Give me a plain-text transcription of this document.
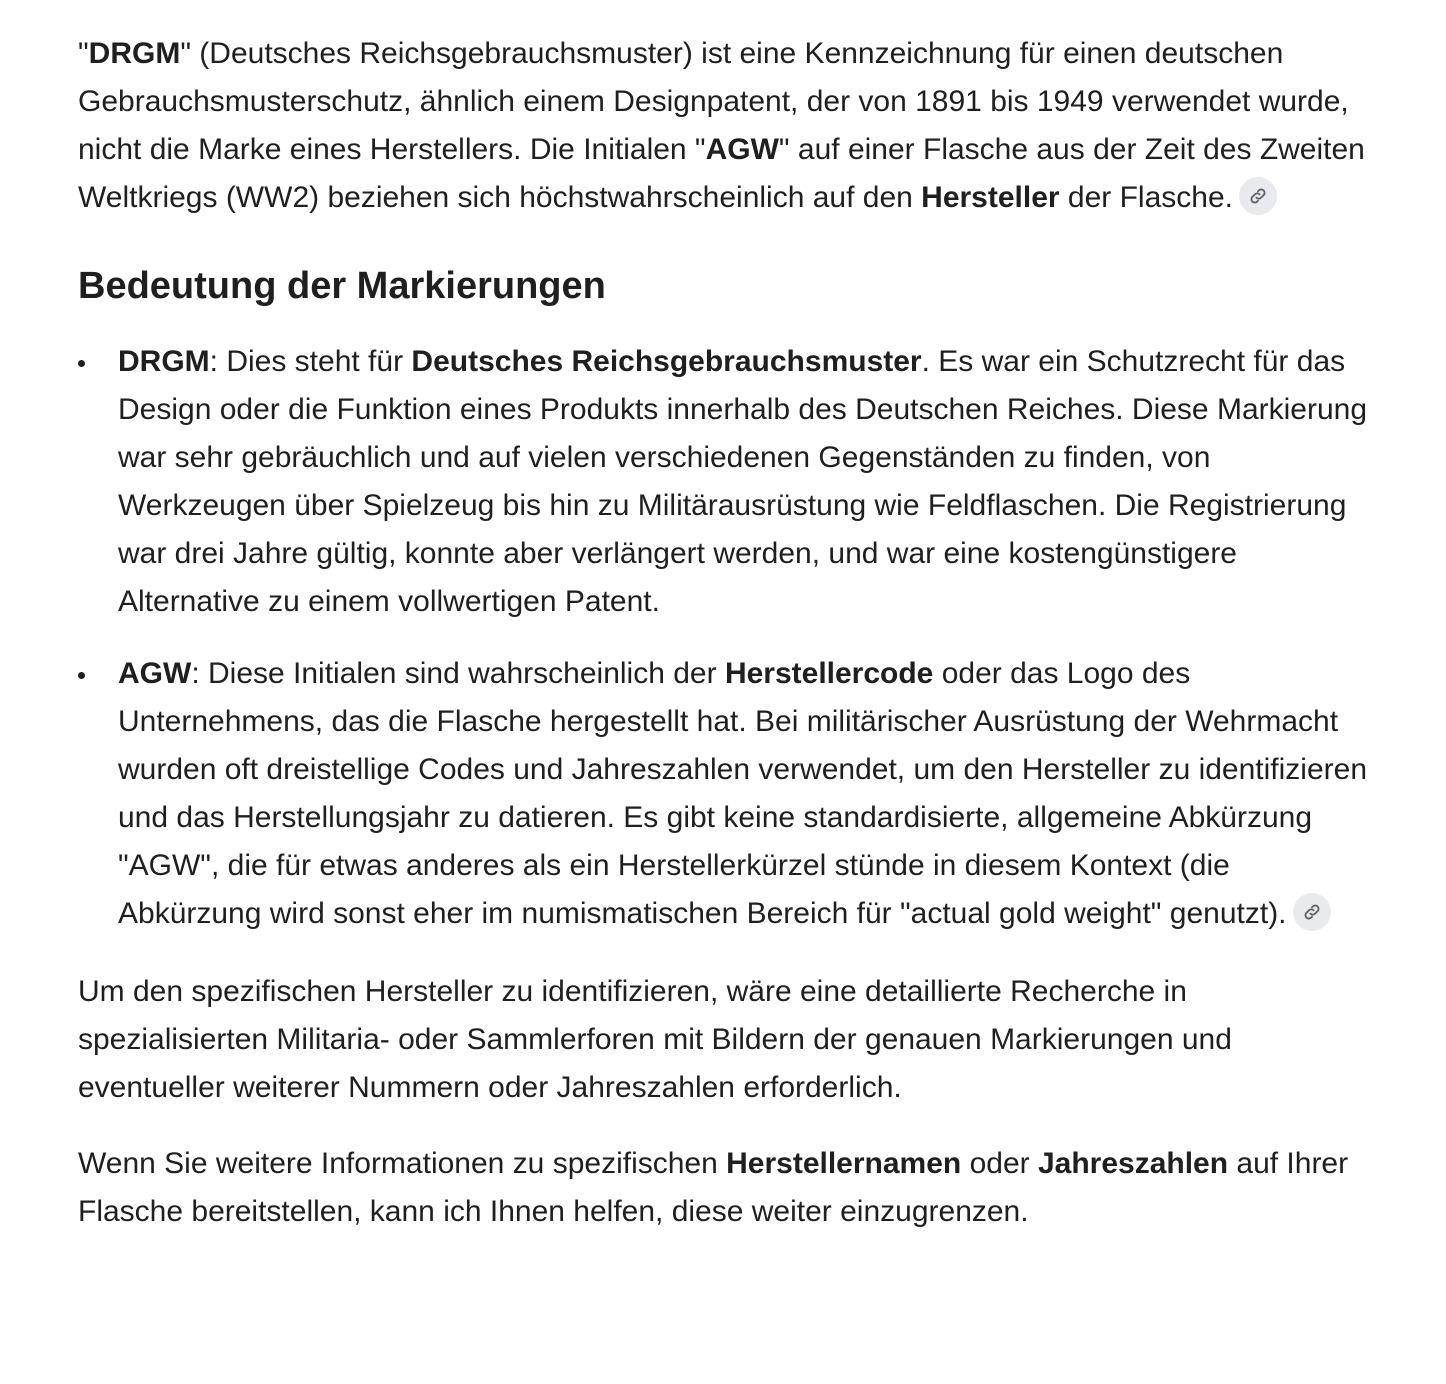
"DRGM" (Deutsches Reichsgebrauchsmuster) ist eine Kennzeichnung für einen deutschen Gebrauchsmusterschutz, ähnlich einem Designpatent, der von 1891 bis 1949 verwendet wurde, nicht die Marke eines Herstellers. Die Initialen "AGW" auf einer Flasche aus der Zeit des Zweiten Weltkriegs (WW2) beziehen sich höchstwahrscheinlich auf den Hersteller der Flasche.

Bedeutung der Markierungen
DRGM: Dies steht für Deutsches Reichsgebrauchsmuster. Es war ein Schutzrecht für das Design oder die Funktion eines Produkts innerhalb des Deutschen Reiches. Diese Markierung war sehr gebräuchlich und auf vielen verschiedenen Gegenständen zu finden, von Werkzeugen über Spielzeug bis hin zu Militärausrüstung wie Feldflaschen. Die Registrierung war drei Jahre gültig, konnte aber verlängert werden, und war eine kostengünstigere Alternative zu einem vollwertigen Patent.
AGW: Diese Initialen sind wahrscheinlich der Herstellercode oder das Logo des Unternehmens, das die Flasche hergestellt hat. Bei militärischer Ausrüstung der Wehrmacht wurden oft dreistellige Codes und Jahreszahlen verwendet, um den Hersteller zu identifizieren und das Herstellungsjahr zu datieren. Es gibt keine standardisierte, allgemeine Abkürzung "AGW", die für etwas anderes als ein Herstellerkürzel stünde in diesem Kontext (die Abkürzung wird sonst eher im numismatischen Bereich für "actual gold weight" genutzt).

Um den spezifischen Hersteller zu identifizieren, wäre eine detaillierte Recherche in spezialisierten Militaria- oder Sammlerforen mit Bildern der genauen Markierungen und eventueller weiterer Nummern oder Jahreszahlen erforderlich.

Wenn Sie weitere Informationen zu spezifischen Herstellernamen oder Jahreszahlen auf Ihrer Flasche bereitstellen, kann ich Ihnen helfen, diese weiter einzugrenzen.
